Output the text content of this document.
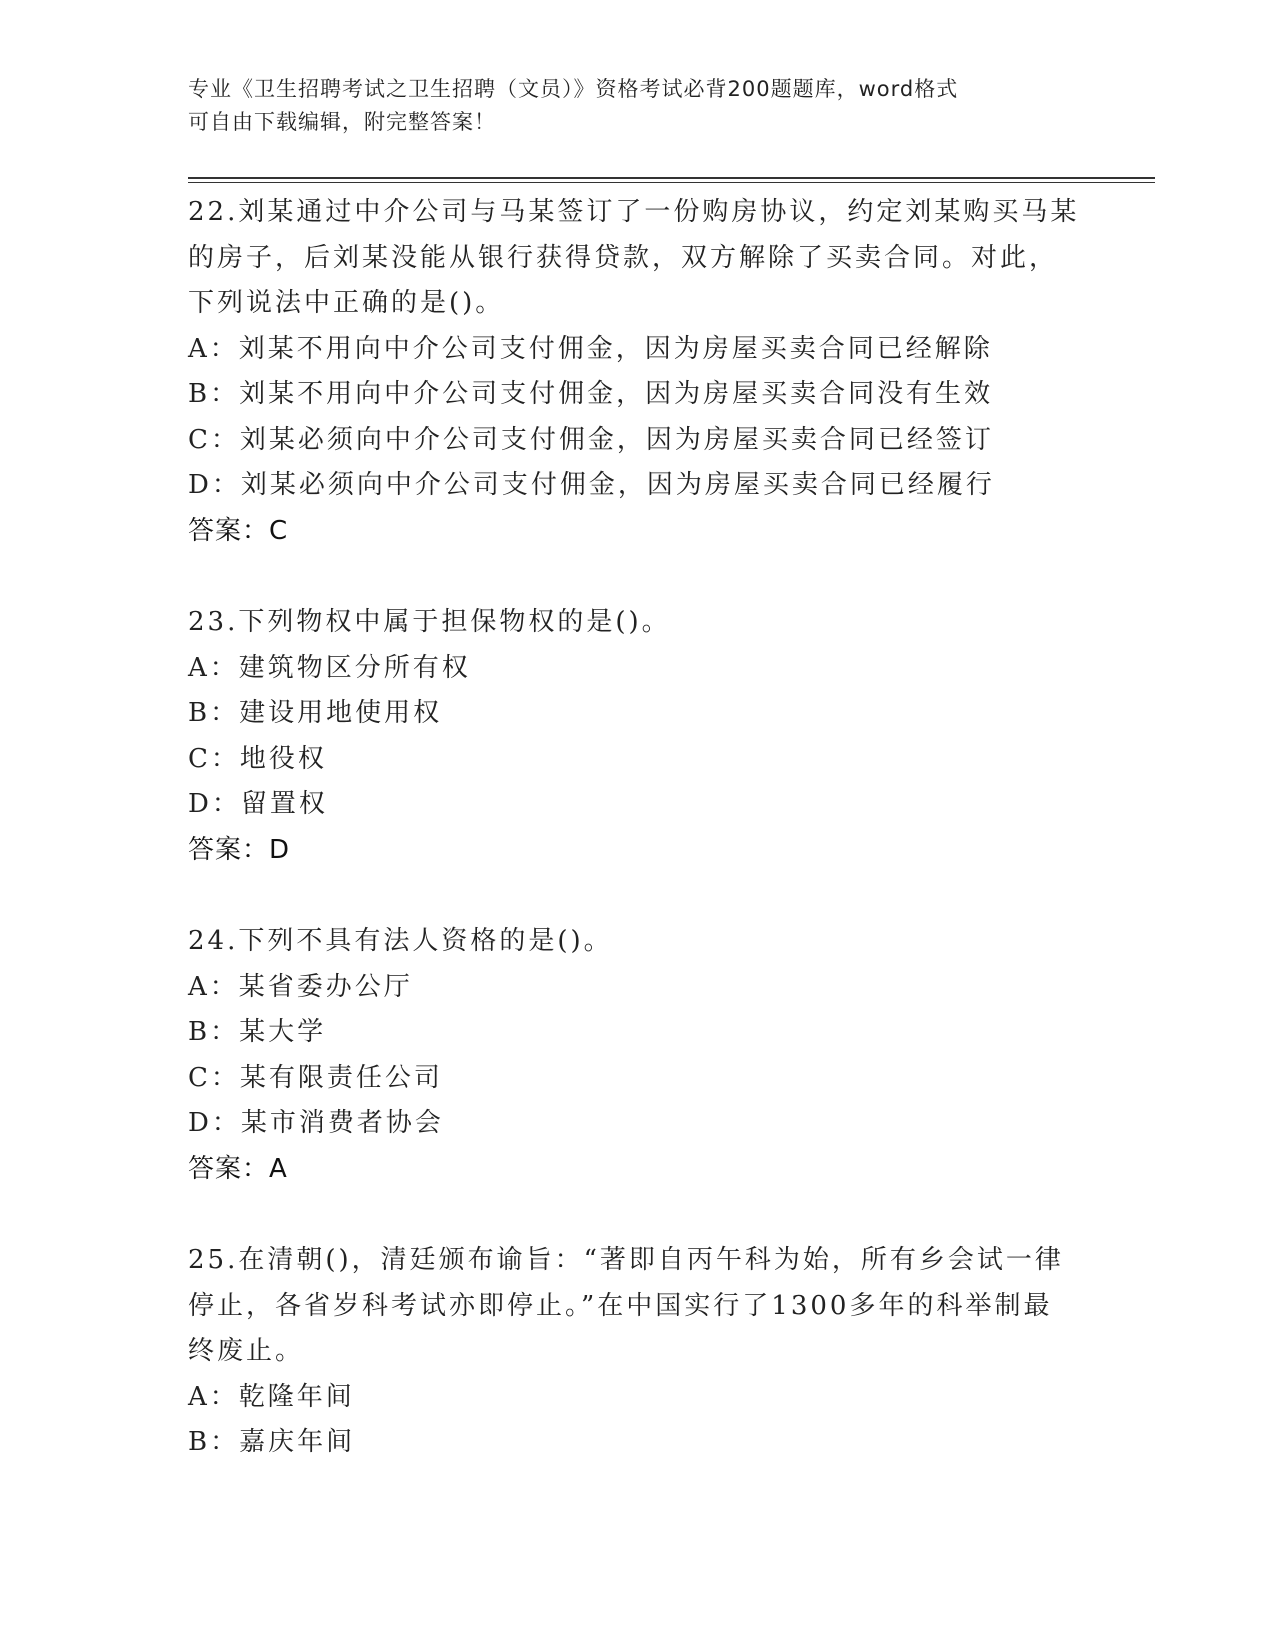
专业《卫生招聘考试之卫生招聘（文员）》资格考试必背200题题库，word格式
可自由下载编辑，附完整答案！
22.刘某通过中介公司与马某签订了一份购房协议，约定刘某购买马某
的房子，后刘某没能从银行获得贷款，双方解除了买卖合同。对此，
下列说法中正确的是()。
A：刘某不用向中介公司支付佣金，因为房屋买卖合同已经解除
B：刘某不用向中介公司支付佣金，因为房屋买卖合同没有生效
C：刘某必须向中介公司支付佣金，因为房屋买卖合同已经签订
D：刘某必须向中介公司支付佣金，因为房屋买卖合同已经履行
答案：C
23.下列物权中属于担保物权的是()。
A：建筑物区分所有权
B：建设用地使用权
C：地役权
D：留置权
答案：D
24.下列不具有法人资格的是()。
A：某省委办公厅
B：某大学
C：某有限责任公司
D：某市消费者协会
答案：A
25.在清朝()，清廷颁布谕旨：“著即自丙午科为始，所有乡会试一律
停止，各省岁科考试亦即停止。”在中国实行了1300多年的科举制最
终废止。
A：乾隆年间
B：嘉庆年间
